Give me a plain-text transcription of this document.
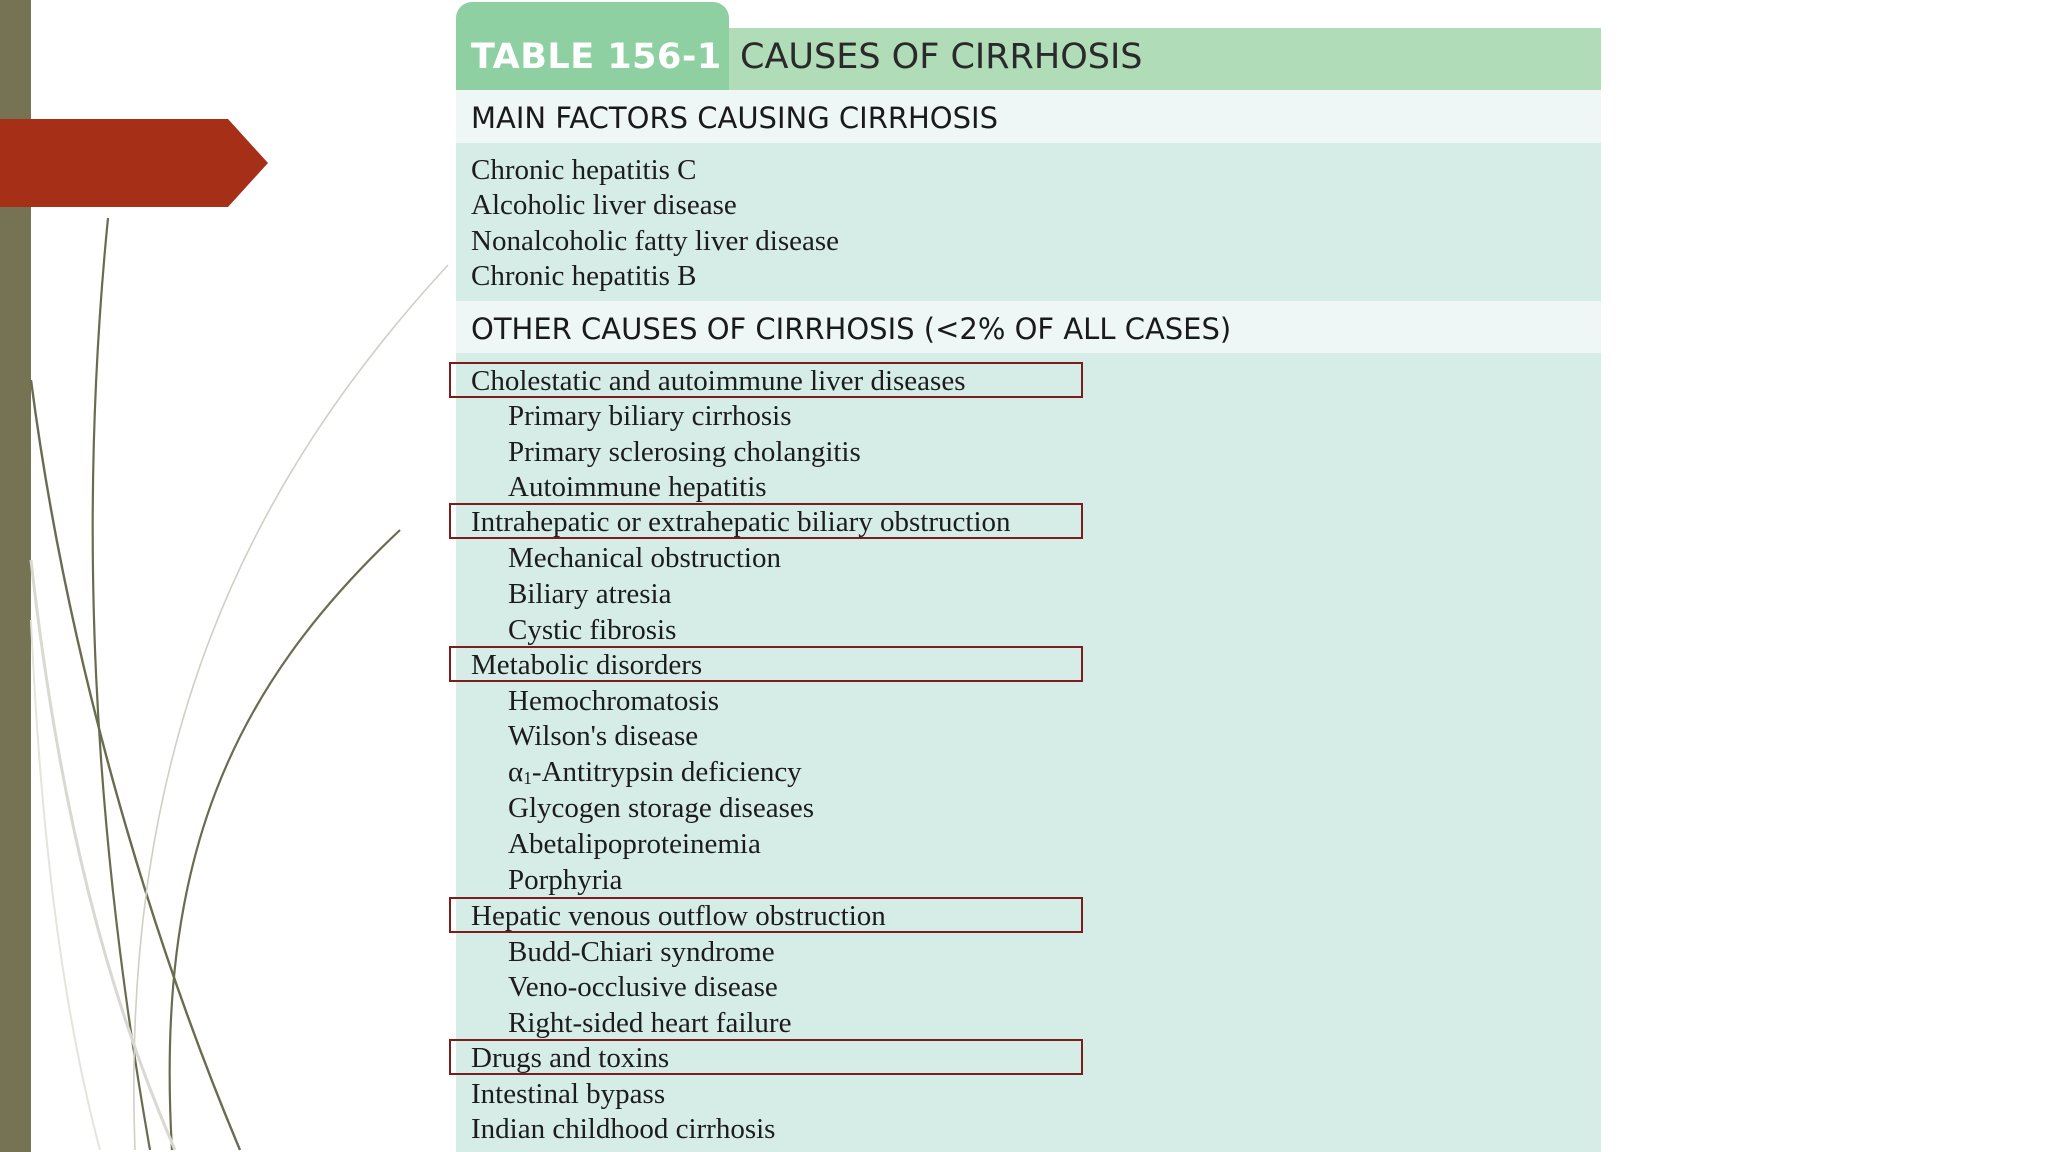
TABLE 156-1 CAUSES OF CIRRHOSIS
MAIN FACTORS CAUSING CIRRHOSIS
Chronic hepatitis C
Alcoholic liver disease
Nonalcoholic fatty liver disease
Chronic hepatitis B
OTHER CAUSES OF CIRRHOSIS (<2% OF ALL CASES)
Cholestatic and autoimmune liver diseases
Primary biliary cirrhosis
Primary sclerosing cholangitis
Autoimmune hepatitis
Intrahepatic or extrahepatic biliary obstruction
Mechanical obstruction
Biliary atresia
Cystic fibrosis
Metabolic disorders
Hemochromatosis
Wilson's disease
$\alpha_1$-Antitrypsin deficiency
Glycogen storage diseases
Abetalipoproteinemia
Porphyria
Hepatic venous outflow obstruction
Budd-Chiari syndrome
Veno-occlusive disease
Right-sided heart failure
Drugs and toxins
Intestinal bypass
Indian childhood cirrhosis
